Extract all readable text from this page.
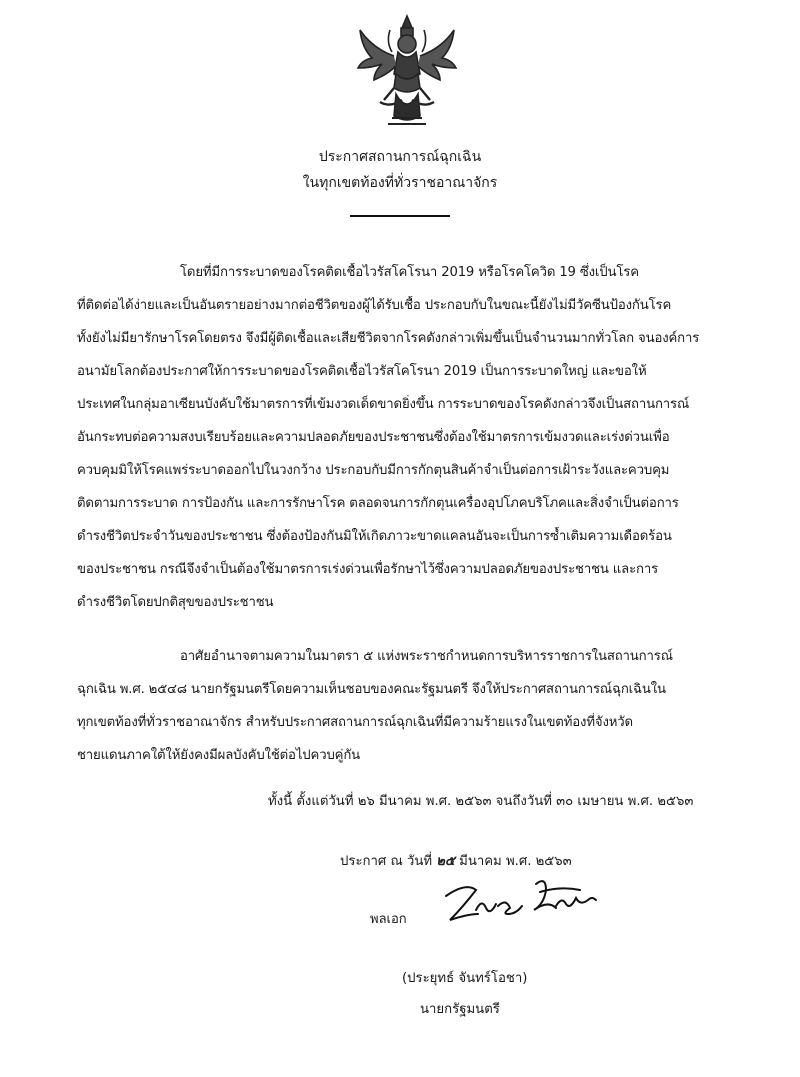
ประกาศสถานการณ์ฉุกเฉิน
ในทุกเขตท้องที่ทั่วราชอาณาจักร
โดยที่มีการระบาดของโรคติดเชื้อไวรัสโคโรนา 2019 หรือโรคโควิด 19 ซึ่งเป็นโรค
ที่ติดต่อได้ง่ายและเป็นอันตรายอย่างมากต่อชีวิตของผู้ได้รับเชื้อ ประกอบกับในขณะนี้ยังไม่มีวัคซีนป้องกันโรค
ทั้งยังไม่มียารักษาโรคโดยตรง จึงมีผู้ติดเชื้อและเสียชีวิตจากโรคดังกล่าวเพิ่มขึ้นเป็นจำนวนมากทั่วโลก จนองค์การ
อนามัยโลกต้องประกาศให้การระบาดของโรคติดเชื้อไวรัสโคโรนา 2019 เป็นการระบาดใหญ่ และขอให้
ประเทศในกลุ่มอาเซียนบังคับใช้มาตรการที่เข้มงวดเด็ดขาดยิ่งขึ้น การระบาดของโรคดังกล่าวจึงเป็นสถานการณ์
อันกระทบต่อความสงบเรียบร้อยและความปลอดภัยของประชาชนซึ่งต้องใช้มาตรการเข้มงวดและเร่งด่วนเพื่อ
ควบคุมมิให้โรคแพร่ระบาดออกไปในวงกว้าง ประกอบกับมีการกักตุนสินค้าจำเป็นต่อการเฝ้าระวังและควบคุม
ติดตามการระบาด การป้องกัน และการรักษาโรค ตลอดจนการกักตุนเครื่องอุปโภคบริโภคและสิ่งจำเป็นต่อการ
ดำรงชีวิตประจำวันของประชาชน ซึ่งต้องป้องกันมิให้เกิดภาวะขาดแคลนอันจะเป็นการซ้ำเติมความเดือดร้อน
ของประชาชน กรณีจึงจำเป็นต้องใช้มาตรการเร่งด่วนเพื่อรักษาไว้ซึ่งความปลอดภัยของประชาชน และการ
ดำรงชีวิตโดยปกติสุขของประชาชน
อาศัยอำนาจตามความในมาตรา ๕ แห่งพระราชกำหนดการบริหารราชการในสถานการณ์
ฉุกเฉิน พ.ศ. ๒๕๔๘ นายกรัฐมนตรีโดยความเห็นชอบของคณะรัฐมนตรี จึงให้ประกาศสถานการณ์ฉุกเฉินใน
ทุกเขตท้องที่ทั่วราชอาณาจักร สำหรับประกาศสถานการณ์ฉุกเฉินที่มีความร้ายแรงในเขตท้องที่จังหวัด
ชายแดนภาคใต้ให้ยังคงมีผลบังคับใช้ต่อไปควบคู่กัน
ทั้งนี้ ตั้งแต่วันที่ ๒๖ มีนาคม พ.ศ. ๒๕๖๓ จนถึงวันที่ ๓๐ เมษายน พ.ศ. ๒๕๖๓
ประกาศ ณ วันที่ ๒๕ มีนาคม พ.ศ. ๒๕๖๓
พลเอก
(ประยุทธ์ จันทร์โอชา)
นายกรัฐมนตรี
